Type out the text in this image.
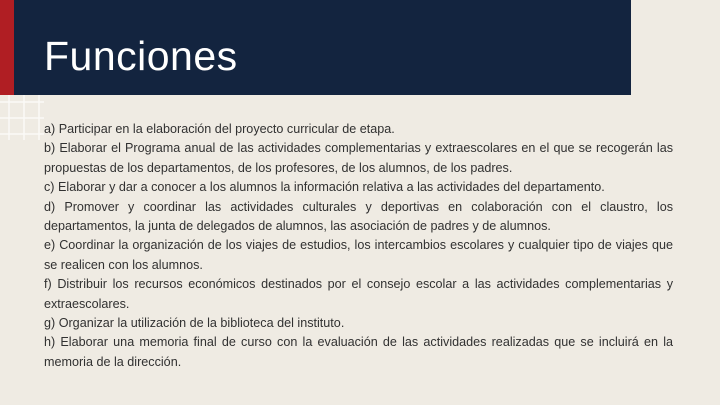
Funciones

a) Participar en la elaboración del proyecto curricular de etapa.

b) Elaborar el Programa anual de las actividades complementarias y extraescolares en el que se recogerán las propuestas de los departamentos, de los profesores, de los alumnos, de los padres.

c) Elaborar y dar a conocer a los alumnos la información relativa a las actividades del departamento.

d) Promover y coordinar las actividades culturales y deportivas en colaboración con el claustro, los departamentos, la junta de delegados de alumnos, las asociación de padres y de alumnos.

e) Coordinar la organización de los viajes de estudios, los intercambios escolares y cualquier tipo de viajes que se realicen con los alumnos.

f) Distribuir los recursos económicos destinados por el consejo escolar a las actividades complementarias y extraescolares.

g) Organizar la utilización de la biblioteca del instituto.

h) Elaborar una memoria final de curso con la evaluación de las actividades realizadas que se incluirá en la memoria de la dirección.
